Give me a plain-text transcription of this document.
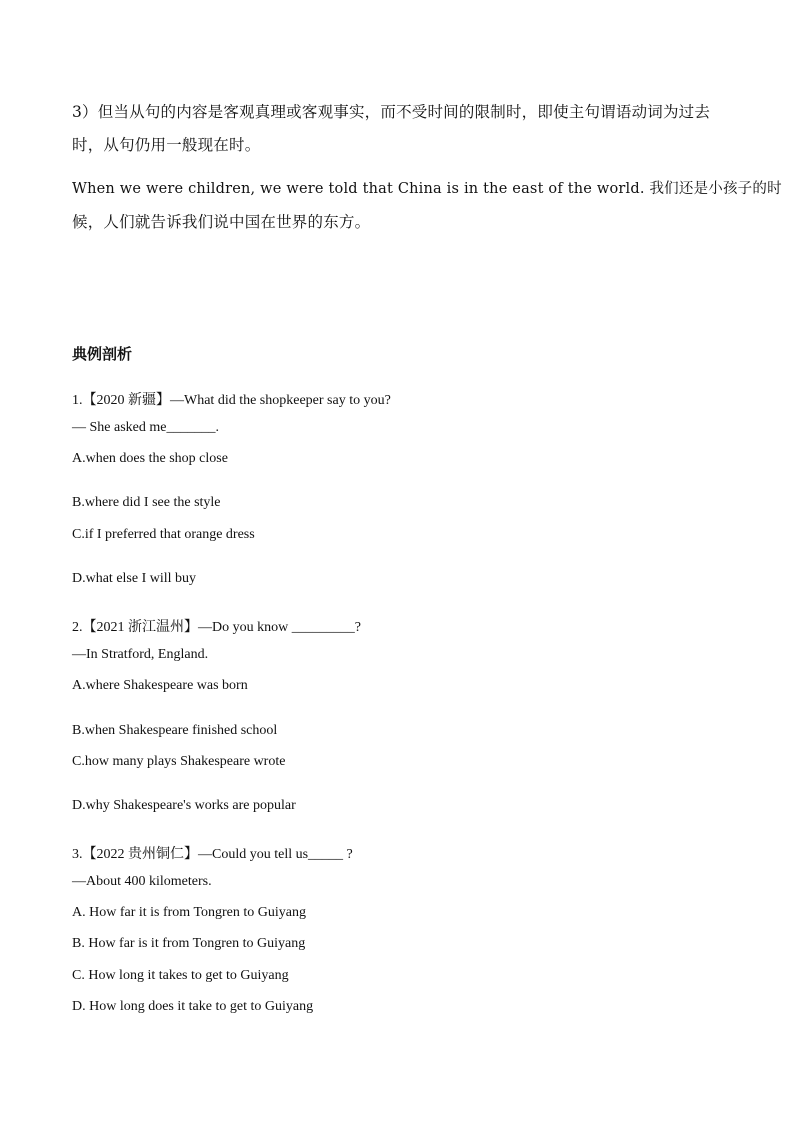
3）但当从句的内容是客观真理或客观事实，而不受时间的限制时，即使主句谓语动词为过去
时，从句仍用一般现在时。
When we were children, we were told that China is in the east of the world. 我们还是小孩子的时
候，人们就告诉我们说中国在世界的东方。
典例剖析
1.【2020 新疆】—What did the shopkeeper say to you?
— She asked me_______.
A.when does the shop close
B.where did I see the style
C.if I preferred that orange dress
D.what else I will buy
2.【2021 浙江温州】—Do you know _________?
—In Stratford, England.
A.where Shakespeare was born
B.when Shakespeare finished school
C.how many plays Shakespeare wrote
D.why Shakespeare's works are popular
3.【2022 贵州铜仁】—Could you tell us_____ ?
—About 400 kilometers.
A. How far it is from Tongren to Guiyang
B. How far is it from Tongren to Guiyang
C. How long it takes to get to Guiyang
D. How long does it take to get to Guiyang
